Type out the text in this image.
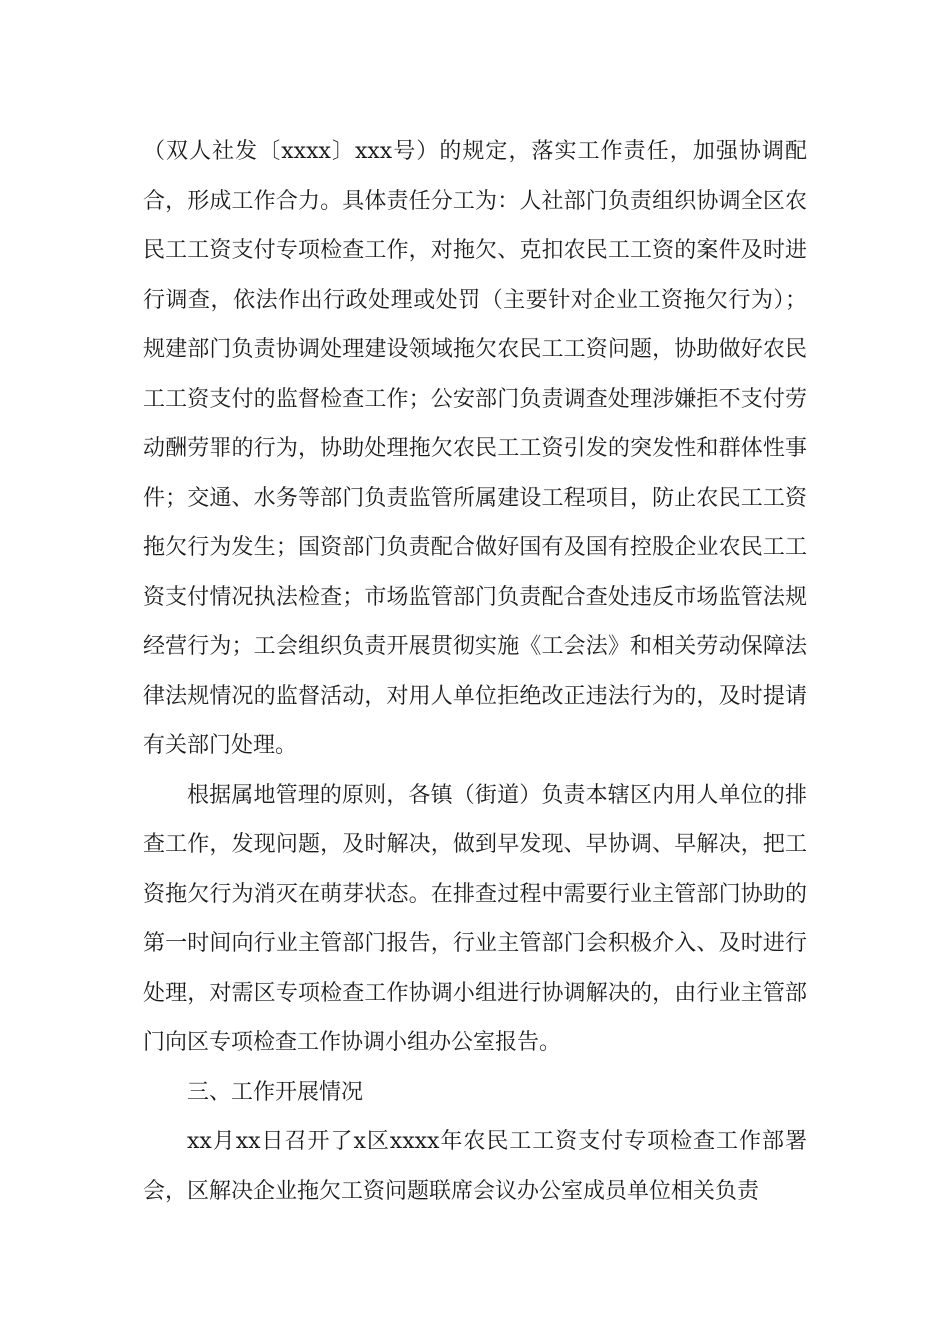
（双人社发〔xxxx〕xxx号）的规定，落实工作责任，加强协调配合，形成工作合力。具体责任分工为：人社部门负责组织协调全区农民工工资支付专项检查工作，对拖欠、克扣农民工工资的案件及时进行调查，依法作出行政处理或处罚（主要针对企业工资拖欠行为）；规建部门负责协调处理建设领域拖欠农民工工资问题，协助做好农民工工资支付的监督检查工作；公安部门负责调查处理涉嫌拒不支付劳动酬劳罪的行为，协助处理拖欠农民工工资引发的突发性和群体性事件；交通、水务等部门负责监管所属建设工程项目，防止农民工工资拖欠行为发生；国资部门负责配合做好国有及国有控股企业农民工工资支付情况执法检查；市场监管部门负责配合查处违反市场监管法规经营行为；工会组织负责开展贯彻实施《工会法》和相关劳动保障法律法规情况的监督活动，对用人单位拒绝改正违法行为的，及时提请有关部门处理。

根据属地管理的原则，各镇（街道）负责本辖区内用人单位的排查工作，发现问题，及时解决，做到早发现、早协调、早解决，把工资拖欠行为消灭在萌芽状态。在排查过程中需要行业主管部门协助的第一时间向行业主管部门报告，行业主管部门会积极介入、及时进行处理，对需区专项检查工作协调小组进行协调解决的，由行业主管部门向区专项检查工作协调小组办公室报告。

三、工作开展情况

xx月xx日召开了x区xxxx年农民工工资支付专项检查工作部署会，区解决企业拖欠工资问题联席会议办公室成员单位相关负责
